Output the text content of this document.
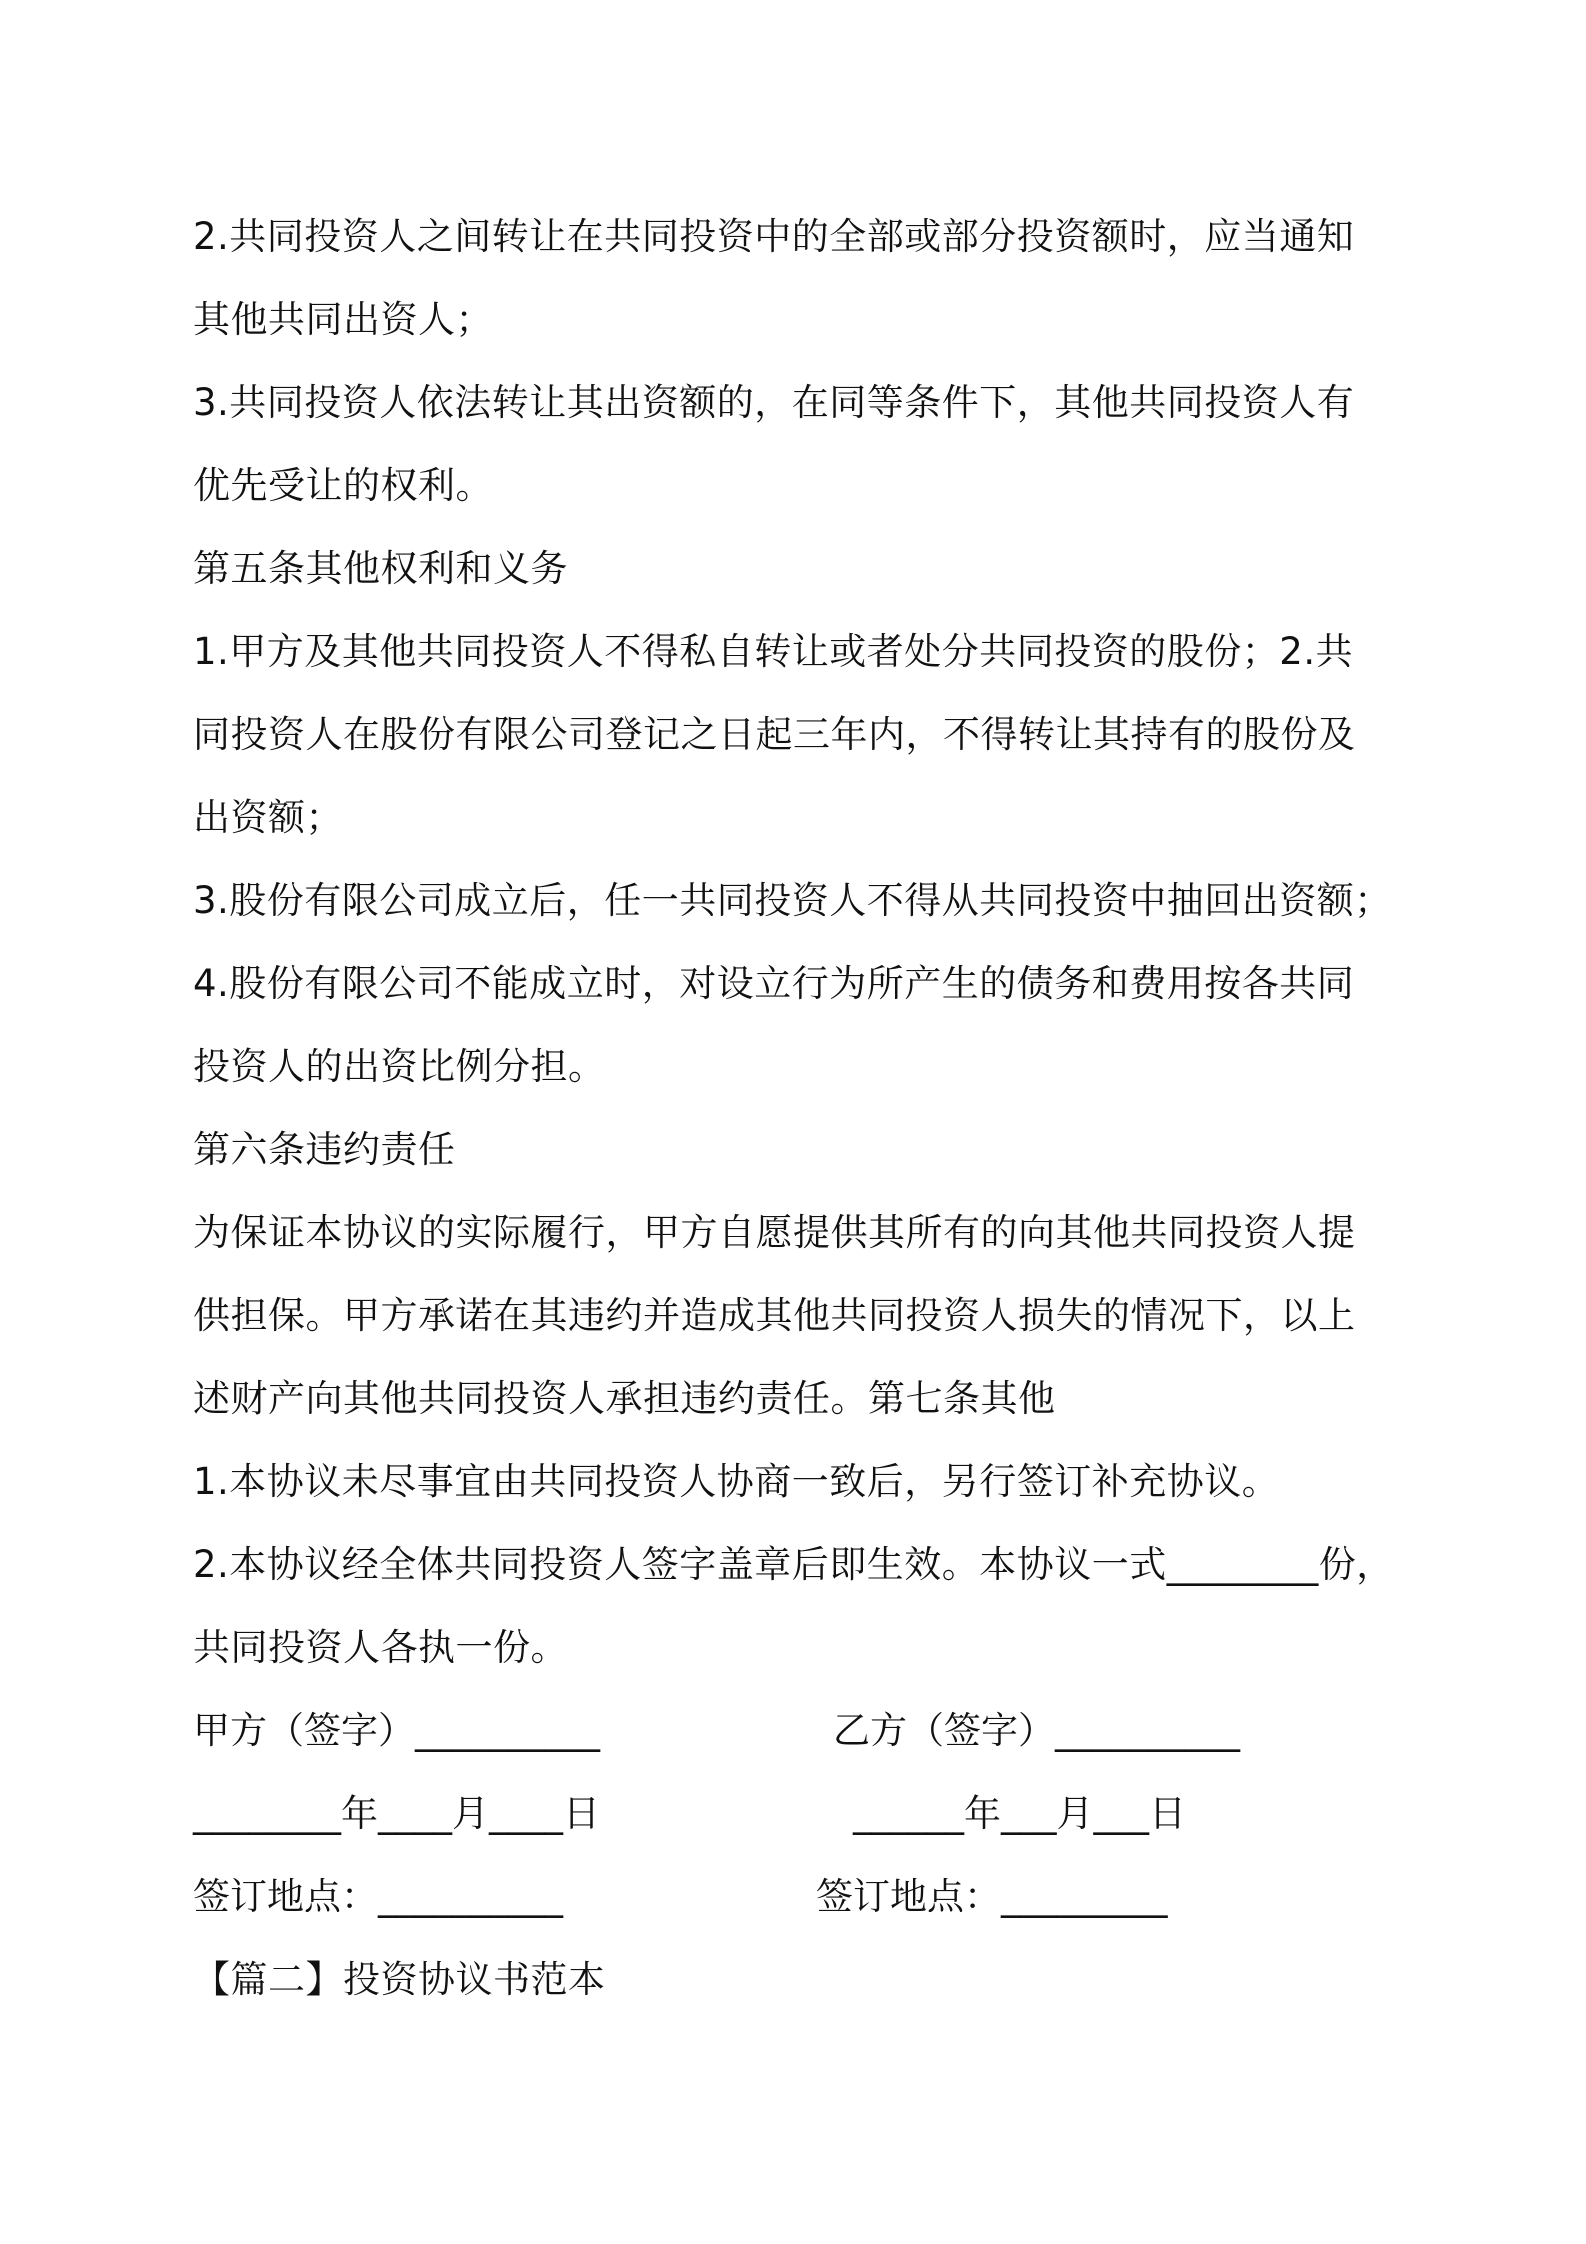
2.共同投资人之间转让在共同投资中的全部或部分投资额时，应当通知
其他共同出资人；
3.共同投资人依法转让其出资额的，在同等条件下，其他共同投资人有
优先受让的权利。
第五条其他权利和义务
1.甲方及其他共同投资人不得私自转让或者处分共同投资的股份；2.共
同投资人在股份有限公司登记之日起三年内，不得转让其持有的股份及
出资额；
3.股份有限公司成立后，任一共同投资人不得从共同投资中抽回出资额；
4.股份有限公司不能成立时，对设立行为所产生的债务和费用按各共同
投资人的出资比例分担。
第六条违约责任
为保证本协议的实际履行，甲方自愿提供其所有的向其他共同投资人提
供担保。甲方承诺在其违约并造成其他共同投资人损失的情况下，以上
述财产向其他共同投资人承担违约责任。第七条其他
1.本协议未尽事宜由共同投资人协商一致后，另行签订补充协议。
2.本协议经全体共同投资人签字盖章后即生效。本协议一式________份，
共同投资人各执一份。
甲方（签字）__________	乙方（签字）__________
________年____月____日	______年___月___日
签订地点：__________	签订地点：_________
【篇二】投资协议书范本
